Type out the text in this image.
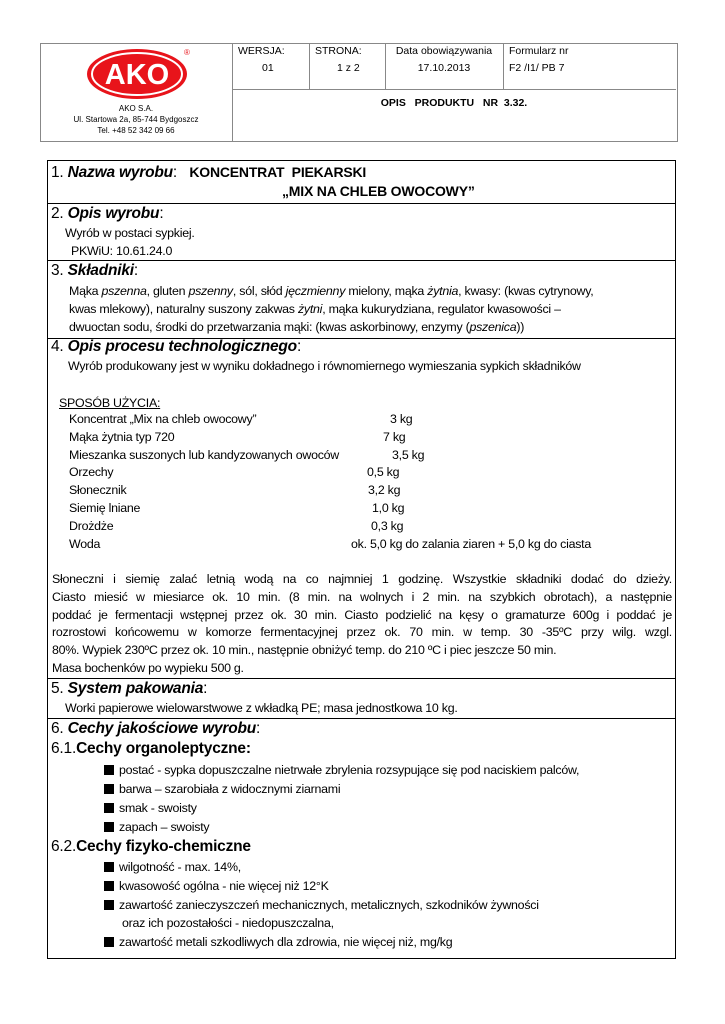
AKO
®
AKO S.A.
Ul. Startowa 2a, 85-744 Bydgoszcz
Tel. +48 52 342 09 66
WERSJA:
01
STRONA:
1 z 2
Data obowiązywania
17.10.2013
Formularz nr
F2 /I1/ PB 7
OPIS   PRODUKTU   NR  3.32.
1. Nazwa wyrobu:   KONCENTRAT  PIEKARSKI
„MIX NA CHLEB OWOCOWY”
2. Opis wyrobu:
Wyrób w postaci sypkiej.
PKWiU: 10.61.24.0
3. Składniki:
Mąka pszenna, gluten pszenny, sól, słód jęczmienny mielony, mąka żytnia, kwasy: (kwas cytrynowy,
kwas mlekowy), naturalny suszony zakwas żytni, mąka kukurydziana, regulator kwasowości –
dwuoctan sodu, środki do przetwarzania mąki: (kwas askorbinowy, enzymy (pszenica))
4. Opis procesu technologicznego:
Wyrób produkowany jest w wyniku dokładnego i równomiernego wymieszania sypkich składników
SPOSÓB UŻYCIA:
5. System pakowania:
Worki papierowe wielowarstwowe z wkładką PE; masa jednostkowa 10 kg.
6. Cechy jakościowe wyrobu:
6.1.Cechy organoleptyczne:
6.2.Cechy fizyko-chemiczne
oraz ich pozostałości - niedopuszczalna,
Koncentrat „Mix na chleb owocowy”	3 kg
Mąka żytnia typ 720	7 kg
Mieszanka suszonych lub kandyzowanych owoców	3,5 kg
Orzechy	0,5 kg
Słonecznik	3,2 kg
Siemię lniane	1,0 kg
Drożdże	0,3 kg
Woda	ok. 5,0 kg do zalania ziaren + 5,0 kg do ciasta
Słoneczni i siemię zalać letnią wodą na co najmniej 1 godzinę. Wszystkie składniki dodać do dzieży.
Ciasto miesić w miesiarce ok. 10 min. (8 min. na wolnych i 2 min. na szybkich obrotach), a następnie
poddać je fermentacji wstępnej przez ok. 30 min. Ciasto podzielić na kęsy o gramaturze 600g i poddać je
rozrostowi końcowemu w komorze fermentacyjnej przez ok. 70 min. w temp. 30 -35ºC przy wilg. wzgl.
80%. Wypiek 230ºC przez ok. 10 min., następnie obniżyć temp. do 210 ºC i piec jeszcze 50 min.
Masa bochenków po wypieku 500 g.
postać - sypka dopuszczalne nietrwałe zbrylenia rozsypujące się pod naciskiem palców,
barwa – szarobiała z widocznymi ziarnami
smak - swoisty
zapach – swoisty
wilgotność - max. 14%,
kwasowość ogólna - nie więcej niż 12°K
zawartość zanieczyszczeń mechanicznych, metalicznych, szkodników żywności
zawartość metali szkodliwych dla zdrowia, nie więcej niż, mg/kg
